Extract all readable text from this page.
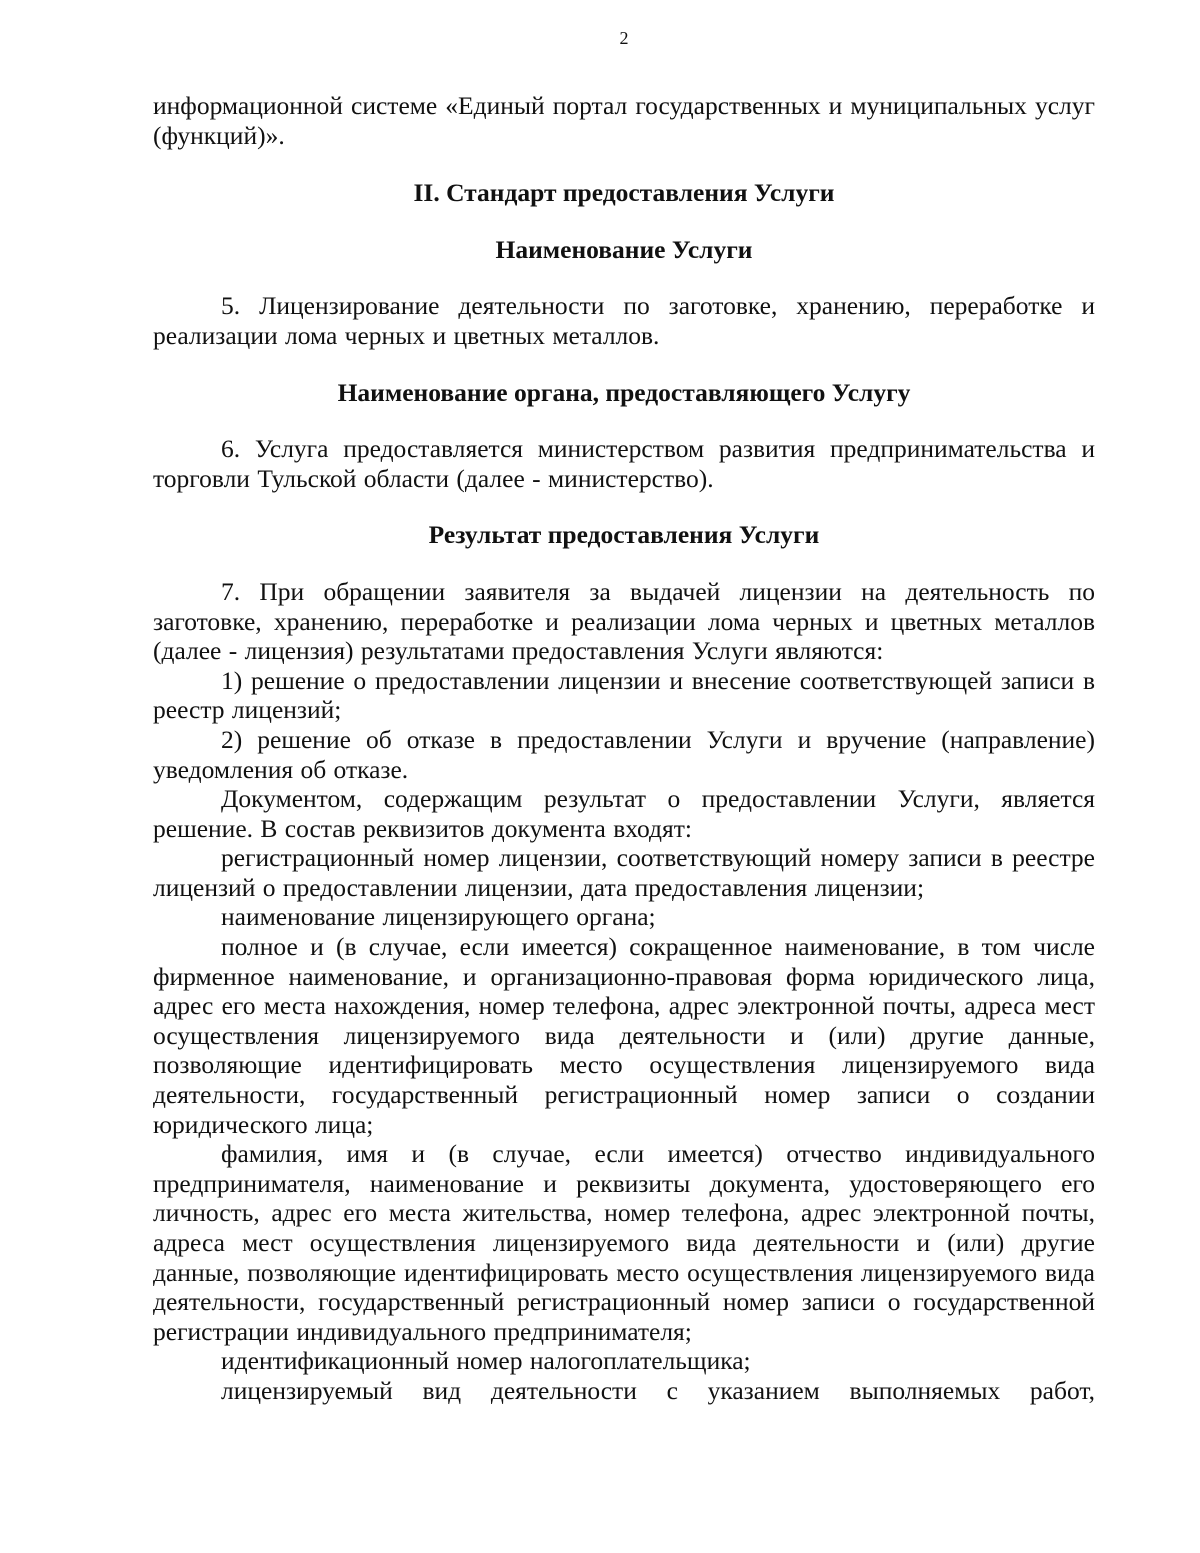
2

информационной системе «Единый портал государственных и муниципальных услуг (функций)».

II. Стандарт предоставления Услуги

Наименование Услуги

5. Лицензирование деятельности по заготовке, хранению, переработке и реализации лома черных и цветных металлов.

Наименование органа, предоставляющего Услугу

6. Услуга предоставляется министерством развития предпринимательства и торговли Тульской области (далее - министерство).

Результат предоставления Услуги

7. При обращении заявителя за выдачей лицензии на деятельность по заготовке, хранению, переработке и реализации лома черных и цветных металлов (далее - лицензия) результатами предоставления Услуги являются:

1) решение о предоставлении лицензии и внесение соответствующей записи в реестр лицензий;

2) решение об отказе в предоставлении Услуги и вручение (направление) уведомления об отказе.

Документом, содержащим результат о предоставлении Услуги, является решение. В состав реквизитов документа входят:

регистрационный номер лицензии, соответствующий номеру записи в реестре лицензий о предоставлении лицензии, дата предоставления лицензии;

наименование лицензирующего органа;

полное и (в случае, если имеется) сокращенное наименование, в том числе фирменное наименование, и организационно-правовая форма юридического лица, адрес его места нахождения, номер телефона, адрес электронной почты, адреса мест осуществления лицензируемого вида деятельности и (или) другие данные, позволяющие идентифицировать место осуществления лицензируемого вида деятельности, государственный регистрационный номер записи о создании юридического лица;

фамилия, имя и (в случае, если имеется) отчество индивидуального предпринимателя, наименование и реквизиты документа, удостоверяющего его личность, адрес его места жительства, номер телефона, адрес электронной почты, адреса мест осуществления лицензируемого вида деятельности и (или) другие данные, позволяющие идентифицировать место осуществления лицензируемого вида деятельности, государственный регистрационный номер записи о государственной регистрации индивидуального предпринимателя;

идентификационный номер налогоплательщика;

лицензируемый вид деятельности с указанием выполняемых работ,
